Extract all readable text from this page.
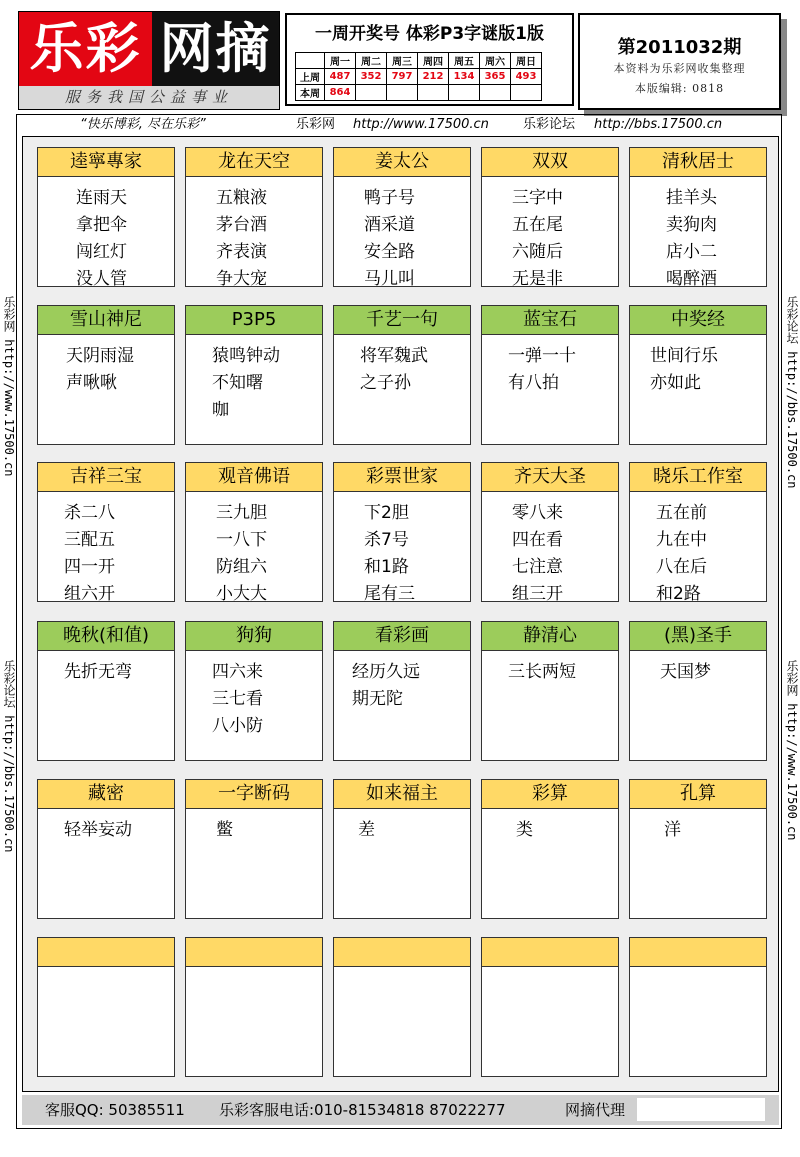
乐彩 网摘
服务我国公益事业
一周开奖号 体彩P3字谜版1版
	周一	周二	周三	周四	周五	周六	周日
上周	487	352	797	212	134	365	493
本周	864						
第2011032期
本资料为乐彩网收集整理
本版编辑: 0818
“快乐博彩, 尽在乐彩”	乐彩网 http://www.17500.cn	乐彩论坛 http://bbs.17500.cn
逵寧專家
连雨天
拿把伞
闯红灯
没人管
龙在天空
五粮液
茅台酒
齐表演
争大宠
姜太公
鸭子号
酒采道
安全路
马儿叫
双双
三字中
五在尾
六随后
无是非
清秋居士
挂羊头
卖狗肉
店小二
喝醉酒
雪山神尼
天阴雨湿
声啾啾
P3P5
猿鸣钟动
不知曙
咖
千艺一句
将军魏武
之子孙
蓝宝石
一弹一十
有八拍
中奖经
世间行乐
亦如此
吉祥三宝
杀二八
三配五
四一开
组六开
观音佛语
三九胆
一八下
防组六
小大大
彩票世家
下2胆
杀7号
和1路
尾有三
齐天大圣
零八来
四在看
七注意
组三开
晓乐工作室
五在前
九在中
八在后
和2路
晚秋(和值)
先折无弯
狗狗
四六来
三七看
八小防
看彩画
经历久远
期无陀
静清心
三长两短
(黑)圣手
天国梦
藏密
轻举妄动
一字断码
鳖
如来福主
差
彩算
类
孔算
洋
乐彩网 http://www.17500.cn
乐彩论坛 http://bbs.17500.cn
乐彩论坛 http://bbs.17500.cn
乐彩网 http://www.17500.cn
客服QQ: 50385511 乐彩客服电话:010-81534818 87022277	网摘代理
